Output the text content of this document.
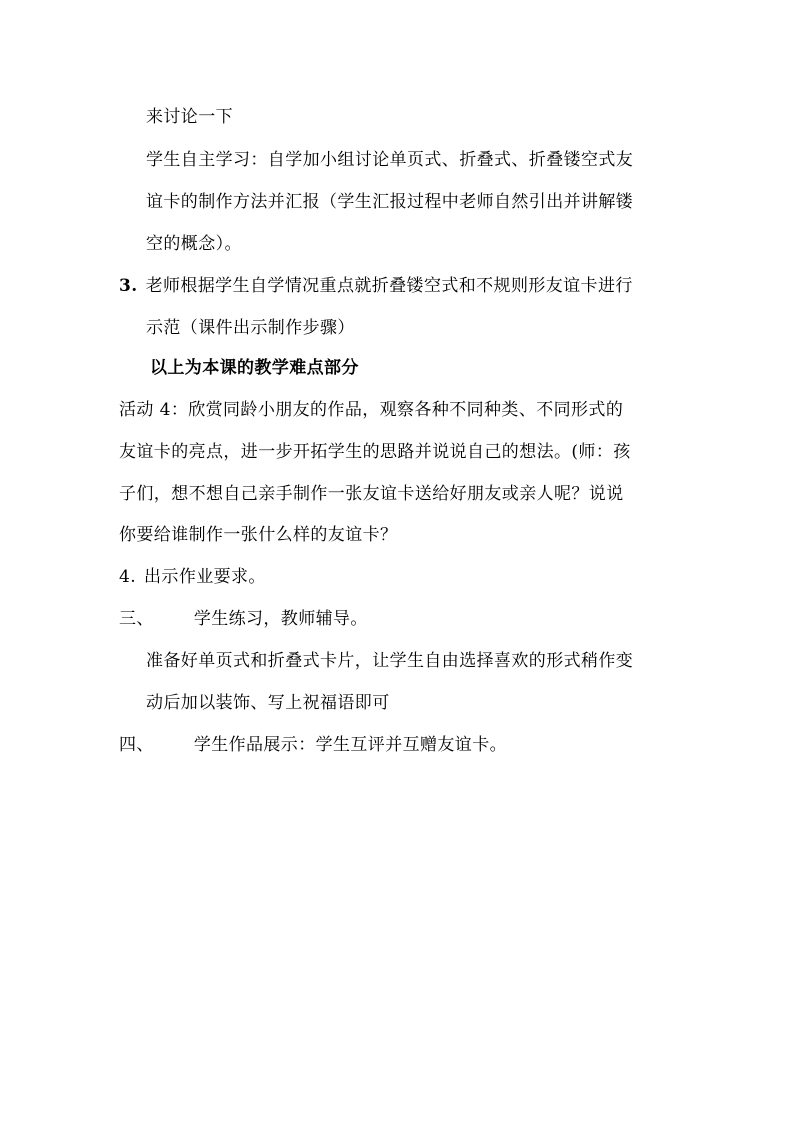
来讨论一下
学生自主学习：自学加小组讨论单页式、折叠式、折叠镂空式友
谊卡的制作方法并汇报（学生汇报过程中老师自然引出并讲解镂
空的概念）。
3. 老师根据学生自学情况重点就折叠镂空式和不规则形友谊卡进行
示范（课件出示制作步骤）
以上为本课的教学难点部分
活动 4：欣赏同龄小朋友的作品，观察各种不同种类、不同形式的
友谊卡的亮点，进一步开拓学生的思路并说说自己的想法。(师：孩
子们，想不想自己亲手制作一张友谊卡送给好朋友或亲人呢？说说
你要给谁制作一张什么样的友谊卡？
4. 出示作业要求。
三、 学生练习，教师辅导。
准备好单页式和折叠式卡片，让学生自由选择喜欢的形式稍作变
动后加以装饰、写上祝福语即可
四、 学生作品展示：学生互评并互赠友谊卡。
